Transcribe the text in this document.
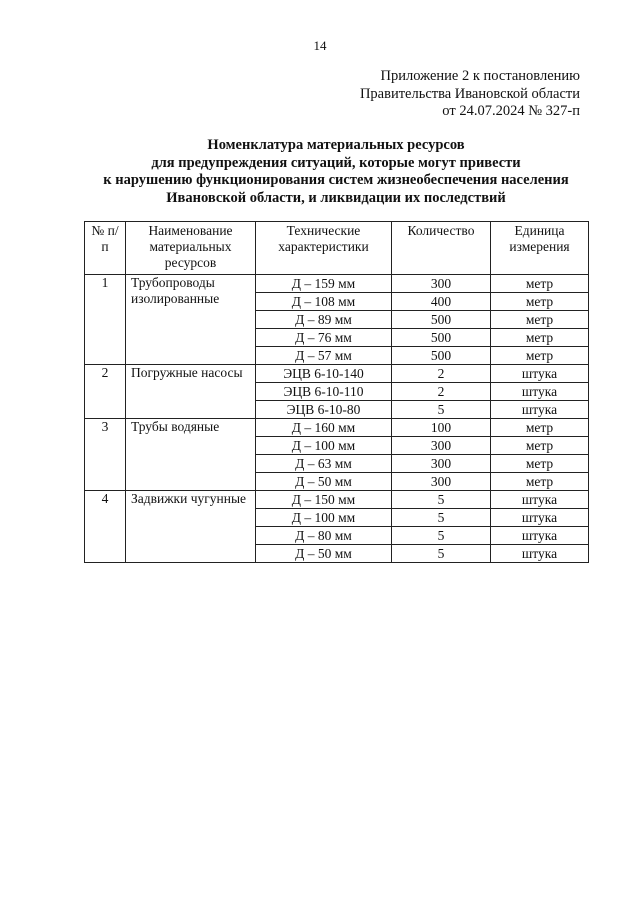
14
Приложение 2 к постановлению
Правительства Ивановской области
от 24.07.2024 № 327-п
Номенклатура материальных ресурсов
для предупреждения ситуаций, которые могут привести
к нарушению функционирования систем жизнеобеспечения населения
Ивановской области, и ликвидации их последствий
№ п/п	Наименование материальных ресурсов	Технические характеристики	Количество	Единица измерения
1	Трубопроводы изолированные	Д – 159 мм	300	метр
		Д – 108 мм	400	метр
		Д – 89 мм	500	метр
		Д – 76 мм	500	метр
		Д – 57 мм	500	метр
2	Погружные насосы	ЭЦВ 6-10-140	2	штука
		ЭЦВ 6-10-110	2	штука
		ЭЦВ 6-10-80	5	штука
3	Трубы водяные	Д – 160 мм	100	метр
		Д – 100 мм	300	метр
		Д – 63 мм	300	метр
		Д – 50 мм	300	метр
4	Задвижки чугунные	Д – 150 мм	5	штука
		Д – 100 мм	5	штука
		Д – 80 мм	5	штука
		Д – 50 мм	5	штука
